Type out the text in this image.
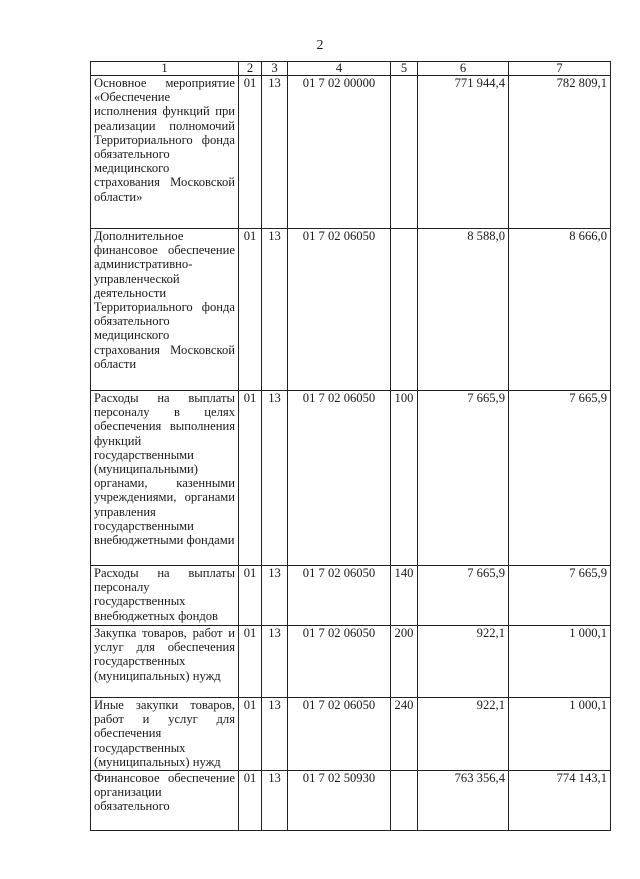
2
1	2	3	4	5	6	7
Основное мероприятие «Обеспечение исполнения функций при реализации полномочий Территориального фонда обязательного медицинского страхования Московской области»	01	13	01 7 02 00000		771 944,4	782 809,1
Дополнительное финансовое обеспечение административно-управленческой деятельности Территориального фонда обязательного медицинского страхования Московской области	01	13	01 7 02 06050		8 588,0	8 666,0
Расходы на выплаты персоналу в целях обеспечения выполнения функций государственными (муниципальными) органами, казенными учреждениями, органами управления государственными внебюджетными фондами	01	13	01 7 02 06050	100	7 665,9	7 665,9
Расходы на выплаты персоналу государственных внебюджетных фондов	01	13	01 7 02 06050	140	7 665,9	7 665,9
Закупка товаров, работ и услуг для обеспечения государственных (муниципальных) нужд	01	13	01 7 02 06050	200	922,1	1 000,1
Иные закупки товаров, работ и услуг для обеспечения государственных (муниципальных) нужд	01	13	01 7 02 06050	240	922,1	1 000,1
Финансовое обеспечение организации обязательного	01	13	01 7 02 50930		763 356,4	774 143,1
